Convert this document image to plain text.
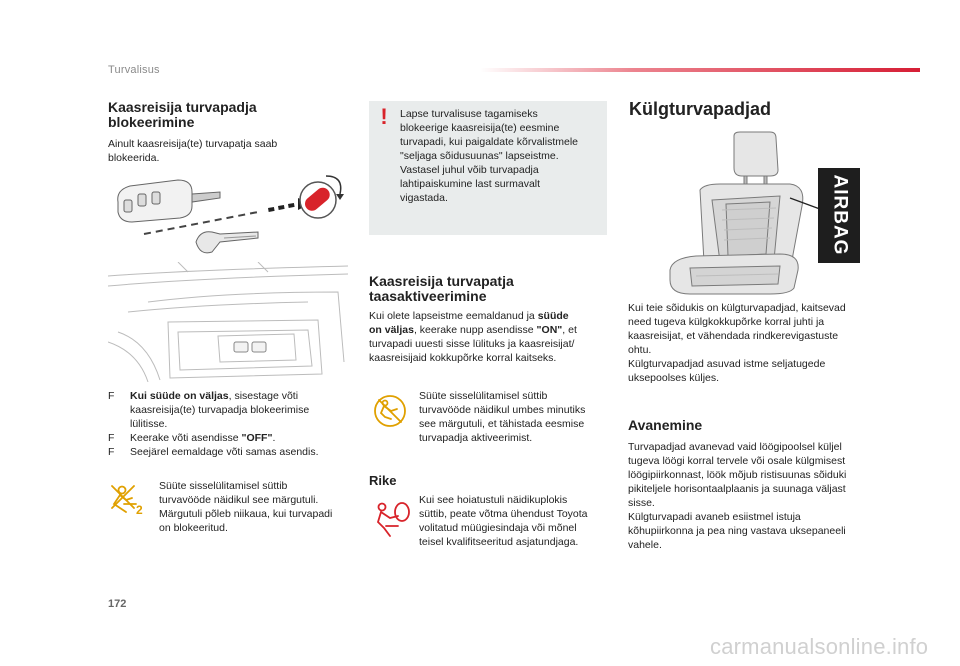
Turvalisus
Kaasreisija turvapadja
blokeerimine
Ainult kaasreisija(te) turvapatja saab
blokeerida.
F Kui süüde on väljas, sisestage võti
kaasreisija(te) turvapadja blokeerimise
lülitisse.
F Keerake võti asendisse "OFF".
F Seejärel eemaldage võti samas asendis.
2
Süüte sisselülitamisel süttib
turvavööde näidikul see märgutuli.
Märgutuli põleb niikaua, kui turvapadi
on blokeeritud.
!	Lapse turvalisuse tagamiseks
blokeerige kaasreisija(te) eesmine
turvapadi, kui paigaldate kõrvalistmele
"seljaga sõidusuunas" lapseistme.
Vastasel juhul võib turvapadja
lahtipaiskumine last surmavalt
vigastada.
Kaasreisija turvapatja
taasaktiveerimine
Kui olete lapseistme eemaldanud ja süüde
on väljas, keerake nupp asendisse "ON", et
turvapadi uuesti sisse lülituks ja kaasreisijat/
kaasreisijaid kokkupõrke korral kaitseks.
Süüte sisselülitamisel süttib
turvavööde näidikul umbes minutiks
see märgutuli, et tähistada eesmise
turvapadja aktiveerimist.
Rike
Kui see hoiatustuli näidikuplokis
süttib, peate võtma ühendust Toyota
volitatud müügiesindaja või mõnel
teisel kvalifitseeritud asjatundjaga.
Külgturvapadjad
AIRBAG
Kui teie sõidukis on külgturvapadjad, kaitsevad
need tugeva külgkokkupõrke korral juhti ja
kaasreisijat, et vähendada rindkerevigastuste
ohtu.
Külgturvapadjad asuvad istme seljatugede
uksepoolses küljes.
Avanemine
Turvapadjad avanevad vaid löögipoolsel küljel
tugeva löögi korral tervele või osale külgmisest
löögipiirkonnast, löök mõjub ristisuunas sõiduki
pikiteljele horisontaalplaanis ja suunaga väljast
sisse.
Külgturvapadi avaneb esiistmel istuja
kõhupiirkonna ja pea ning vastava uksepaneeli
vahele.
172
carmanualsonline.info
